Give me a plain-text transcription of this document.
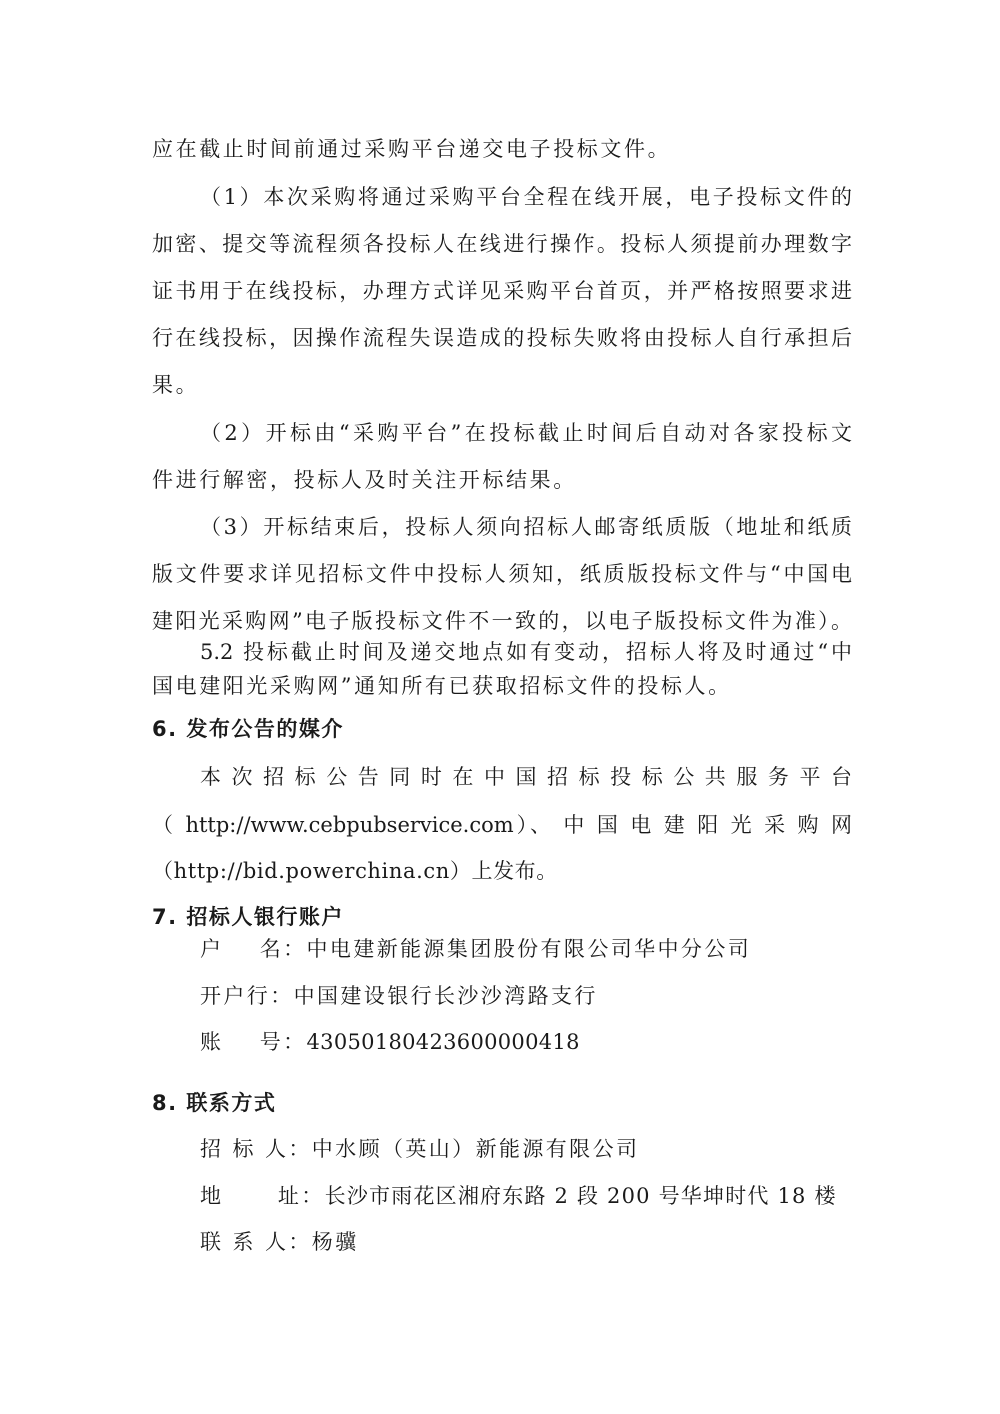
应在截止时间前通过采购平台递交电子投标文件。
（1）本次采购将通过采购平台全程在线开展，电子投标文件的
加密、提交等流程须各投标人在线进行操作。投标人须提前办理数字
证书用于在线投标，办理方式详见采购平台首页，并严格按照要求进
行在线投标，因操作流程失误造成的投标失败将由投标人自行承担后
果。
（2）开标由“采购平台”在投标截止时间后自动对各家投标文
件进行解密，投标人及时关注开标结果。
（3）开标结束后，投标人须向招标人邮寄纸质版（地址和纸质
版文件要求详见招标文件中投标人须知，纸质版投标文件与“中国电
建阳光采购网”电子版投标文件不一致的，以电子版投标文件为准）。
5.2 投标截止时间及递交地点如有变动，招标人将及时通过“中
国电建阳光采购网”通知所有已获取招标文件的投标人。
6. 发布公告的媒介
本次招标公告同时在中国招标投标公共服务平台
（ http://www.cebpubservice.com）、 中 国 电 建 阳 光 采 购 网
（http://bid.powerchina.cn）上发布。
7. 招标人银行账户
户    名：中电建新能源集团股份有限公司华中分公司
开户行：中国建设银行长沙沙湾路支行
账    号：43050180423600000418
8. 联系方式
招 标 人：中水顾（英山）新能源有限公司
地      址：长沙市雨花区湘府东路 2 段 200 号华坤时代 18 楼
联 系 人：杨骥
